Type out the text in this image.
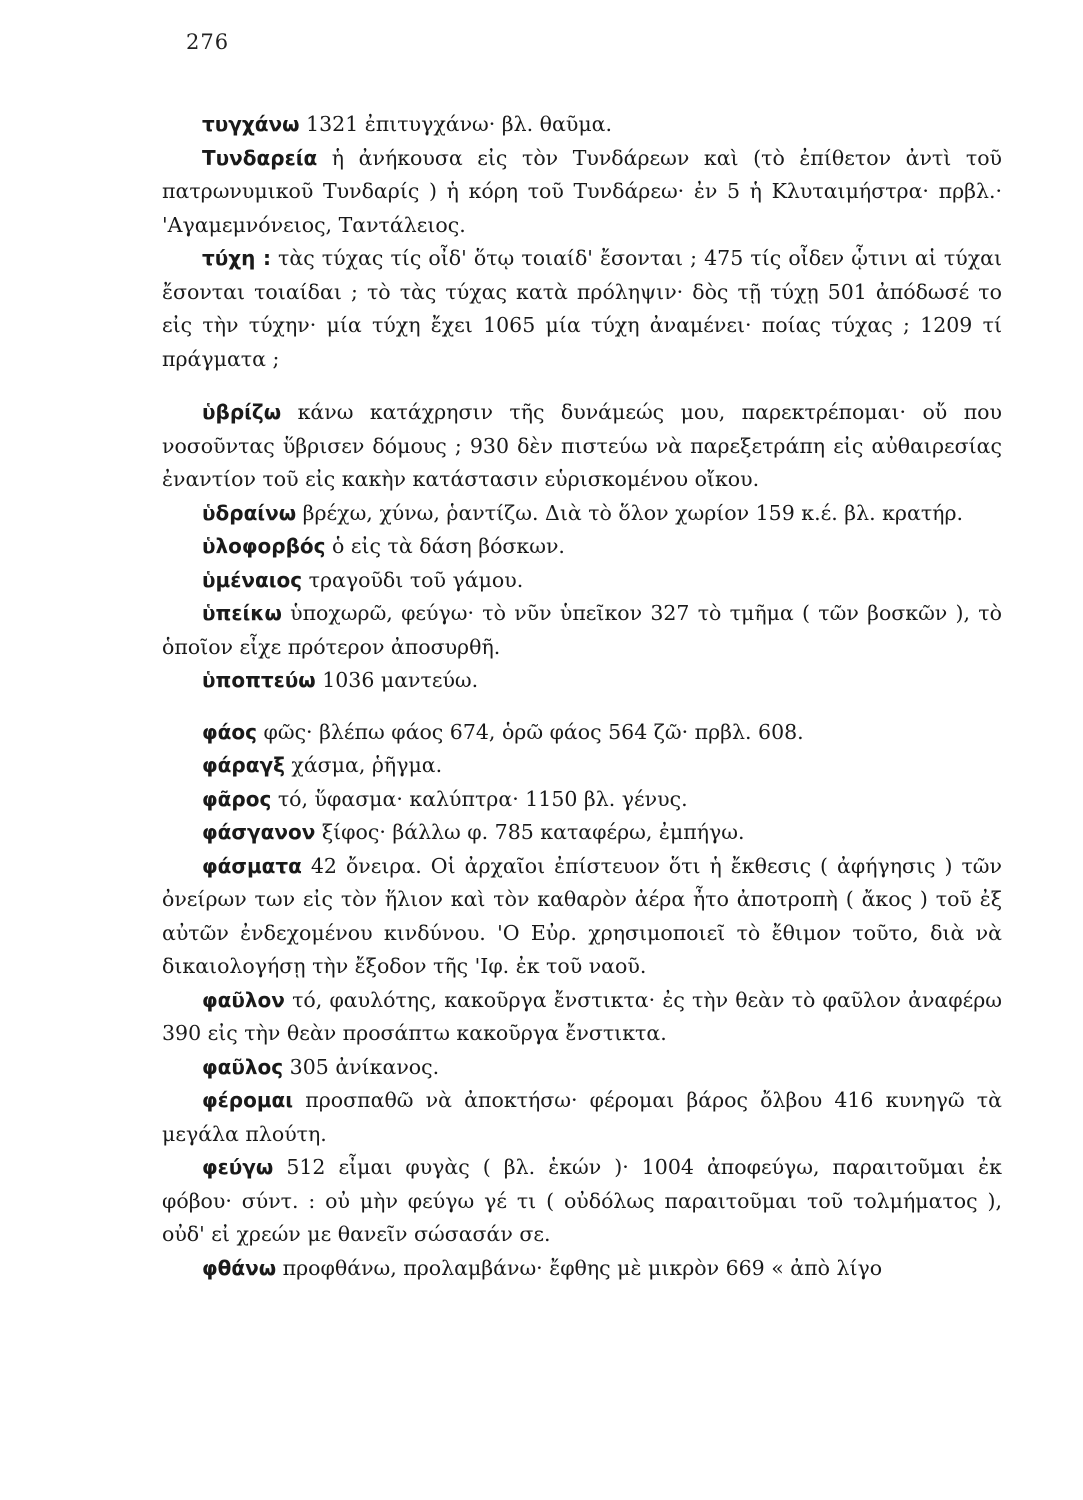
276

τυγχάνω 1321 ἐπιτυγχάνω· βλ. θαῦμα.

Τυνδαρεία ἡ ἀνήκουσα εἰς τὸν Τυνδάρεων καὶ (τὸ ἐπίθετον ἀντὶ τοῦ πατρωνυμικοῦ Τυνδαρίς ) ἡ κόρη τοῦ Τυνδάρεω· ἐν 5 ἡ Κλυταιμήστρα· πρβλ.· 'Αγαμεμνόνειος, Ταντάλειος.

τύχη : τὰς τύχας τίς οἶδ' ὅτῳ τοιαίδ' ἔσονται ; 475 τίς οἶδεν ᾧτινι αἱ τύχαι ἔσονται τοιαίδαι ; τὸ τὰς τύχας κατὰ πρόληψιν· δὸς τῇ τύχῃ 501 ἀπόδωσέ το εἰς τὴν τύχην· μία τύχη ἔχει 1065 μία τύχη ἀναμένει· ποίας τύχας ; 1209 τί πράγματα ;

ὑβρίζω κάνω κατάχρησιν τῆς δυνάμεώς μου, παρεκτρέπομαι· οὔ που νοσοῦντας ὕβρισεν δόμους ; 930 δὲν πιστεύω νὰ παρεξετράπη εἰς αὐθαιρεσίας ἐναντίον τοῦ εἰς κακὴν κατάστασιν εὑρισκομένου οἴκου.

ὑδραίνω βρέχω, χύνω, ῥαντίζω. Διὰ τὸ ὅλον χωρίον 159 κ.έ. βλ. κρατήρ.

ὑλοφορβός ὁ εἰς τὰ δάση βόσκων.

ὑμέναιος τραγοῦδι τοῦ γάμου.

ὑπείκω ὑποχωρῶ, φεύγω· τὸ νῦν ὑπεῖκον 327 τὸ τμῆμα ( τῶν βοσκῶν ), τὸ ὁποῖον εἶχε πρότερον ἀποσυρθῆ.

ὑποπτεύω 1036 μαντεύω.

φάος φῶς· βλέπω φάος 674, ὁρῶ φάος 564 ζῶ· πρβλ. 608.

φάραγξ χάσμα, ῥῆγμα.

φᾶρος τό, ὕφασμα· καλύπτρα· 1150 βλ. γένυς.

φάσγανον ξίφος· βάλλω φ. 785 καταφέρω, ἐμπήγω.

φάσματα 42 ὄνειρα. Οἱ ἀρχαῖοι ἐπίστευον ὅτι ἡ ἔκθεσις ( ἀφήγησις ) τῶν ὀνείρων των εἰς τὸν ἥλιον καὶ τὸν καθαρὸν ἀέρα ἦτο ἀποτροπὴ ( ἄκος ) τοῦ ἐξ αὐτῶν ἐνδεχομένου κινδύνου. 'Ο Εὐρ. χρησιμοποιεῖ τὸ ἔθιμον τοῦτο, διὰ νὰ δικαιολογήσῃ τὴν ἔξοδον τῆς 'Ιφ. ἐκ τοῦ ναοῦ.

φαῦλον τό, φαυλότης, κακοῦργα ἔνστικτα· ἐς τὴν θεὰν τὸ φαῦλον ἀναφέρω 390 εἰς τὴν θεὰν προσάπτω κακοῦργα ἔνστικτα.

φαῦλος 305 ἀνίκανος.

φέρομαι προσπαθῶ νὰ ἀποκτήσω· φέρομαι βάρος ὄλβου 416 κυνηγῶ τὰ μεγάλα πλούτη.

φεύγω 512 εἶμαι φυγὰς ( βλ. ἑκών )· 1004 ἀποφεύγω, παραιτοῦμαι ἐκ φόβου· σύντ. : οὐ μὴν φεύγω γέ τι ( οὐδόλως παραιτοῦμαι τοῦ τολμήματος ), οὐδ' εἰ χρεών με θανεῖν σώσασάν σε.

φθάνω προφθάνω, προλαμβάνω· ἔφθης μὲ μικρὸν 669 « ἀπὸ λίγο
